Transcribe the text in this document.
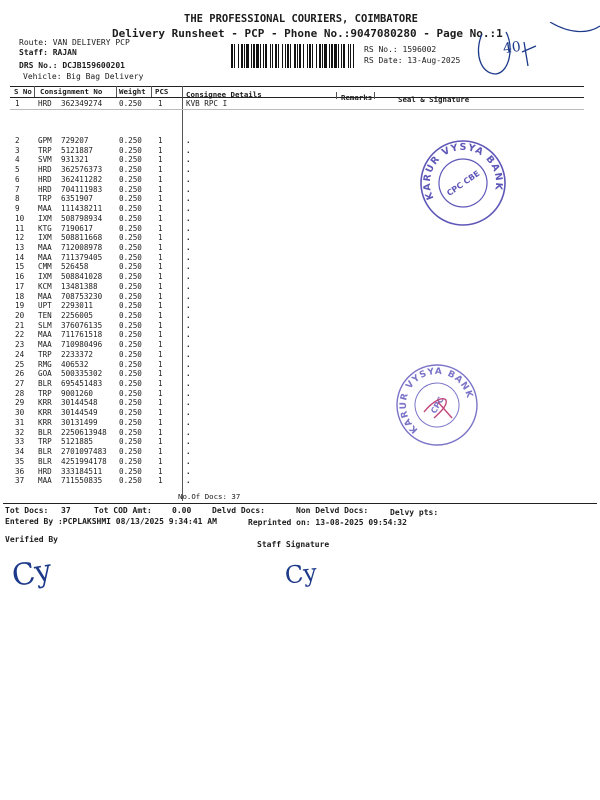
THE PROFESSIONAL COURIERS, COIMBATORE
Delivery Runsheet - PCP - Phone No.:9047080280 - Page No.:1
Route: VAN DELIVERY PCP
Staff: RAJAN
DRS No.: DCJB159600201
Vehicle: Big Bag Delivery
RS No.: 1596002
RS Date: 13-Aug-2025
40
S No Consignment No Weight PCS Consignee Details	Remarks	Seal & Signature
1 HRD 362349274 0.250 1	KVB RPC I
2 GPM 729207	0.250 1	.
3 TRP 5121887	0.250 1	.
4 SVM 931321	0.250 1	.
5 HRD 362576373 0.250 1	.
6 HRD 362411282 0.250 1	.
7 HRD 704111983 0.250 1	.
8 TRP 6351907	0.250 1	.
9 MAA 111438211 0.250 1	.
10 IXM 508798934 0.250 1	.
11 KTG 7190617	0.250 1	.
12 IXM 508811668 0.250 1	.
13 MAA 712008978 0.250 1	.
14 MAA 711379405 0.250 1	.
15 CMM 526458	0.250 1	.
16 IXM 508841028 0.250 1	.
17 KCM 13481388	0.250 1	.
18 MAA 708753230 0.250 1	.
19 UPT 2293011	0.250 1	.
20 TEN 2256005	0.250 1	.
21 SLM 376076135 0.250 1	.
22 MAA 711761518 0.250 1	.
23 MAA 710980496 0.250 1	.
24 TRP 2233372	0.250 1	.
25 RMG 406532	0.250 1	.
26 GOA 500335302 0.250 1	.
27 BLR 695451483 0.250 1	.
28 TRP 9001260	0.250 1	.
29 KRR 30144548	0.250 1	.
30 KRR 30144549	0.250 1	.
31 KRR 30131499	0.250 1	.
32 BLR 2250613948 0.250 1	.
33 TRP 5121885	0.250 1	.
34 BLR 2701097483 0.250 1	.
35 BLR 4251994178 0.250 1	.
36 HRD 333184511 0.250 1	.
37 MAA 711550835 0.250 1	.
No.Of Docs: 37
KARUR VYSYA BANK
CPC CBE
KARUR VYSYA BANK
CPC
Tot Docs: 37	Tot COD Amt:	0.00	Delvd Docs:	Non Delvd Docs:	Delvy pts:
Entered By :PCPLAKSHMI 08/13/2025 9:34:41 AM	Reprinted on: 13-08-2025 09:54:32
Verified By
Staff Signature
Cy	Cy
